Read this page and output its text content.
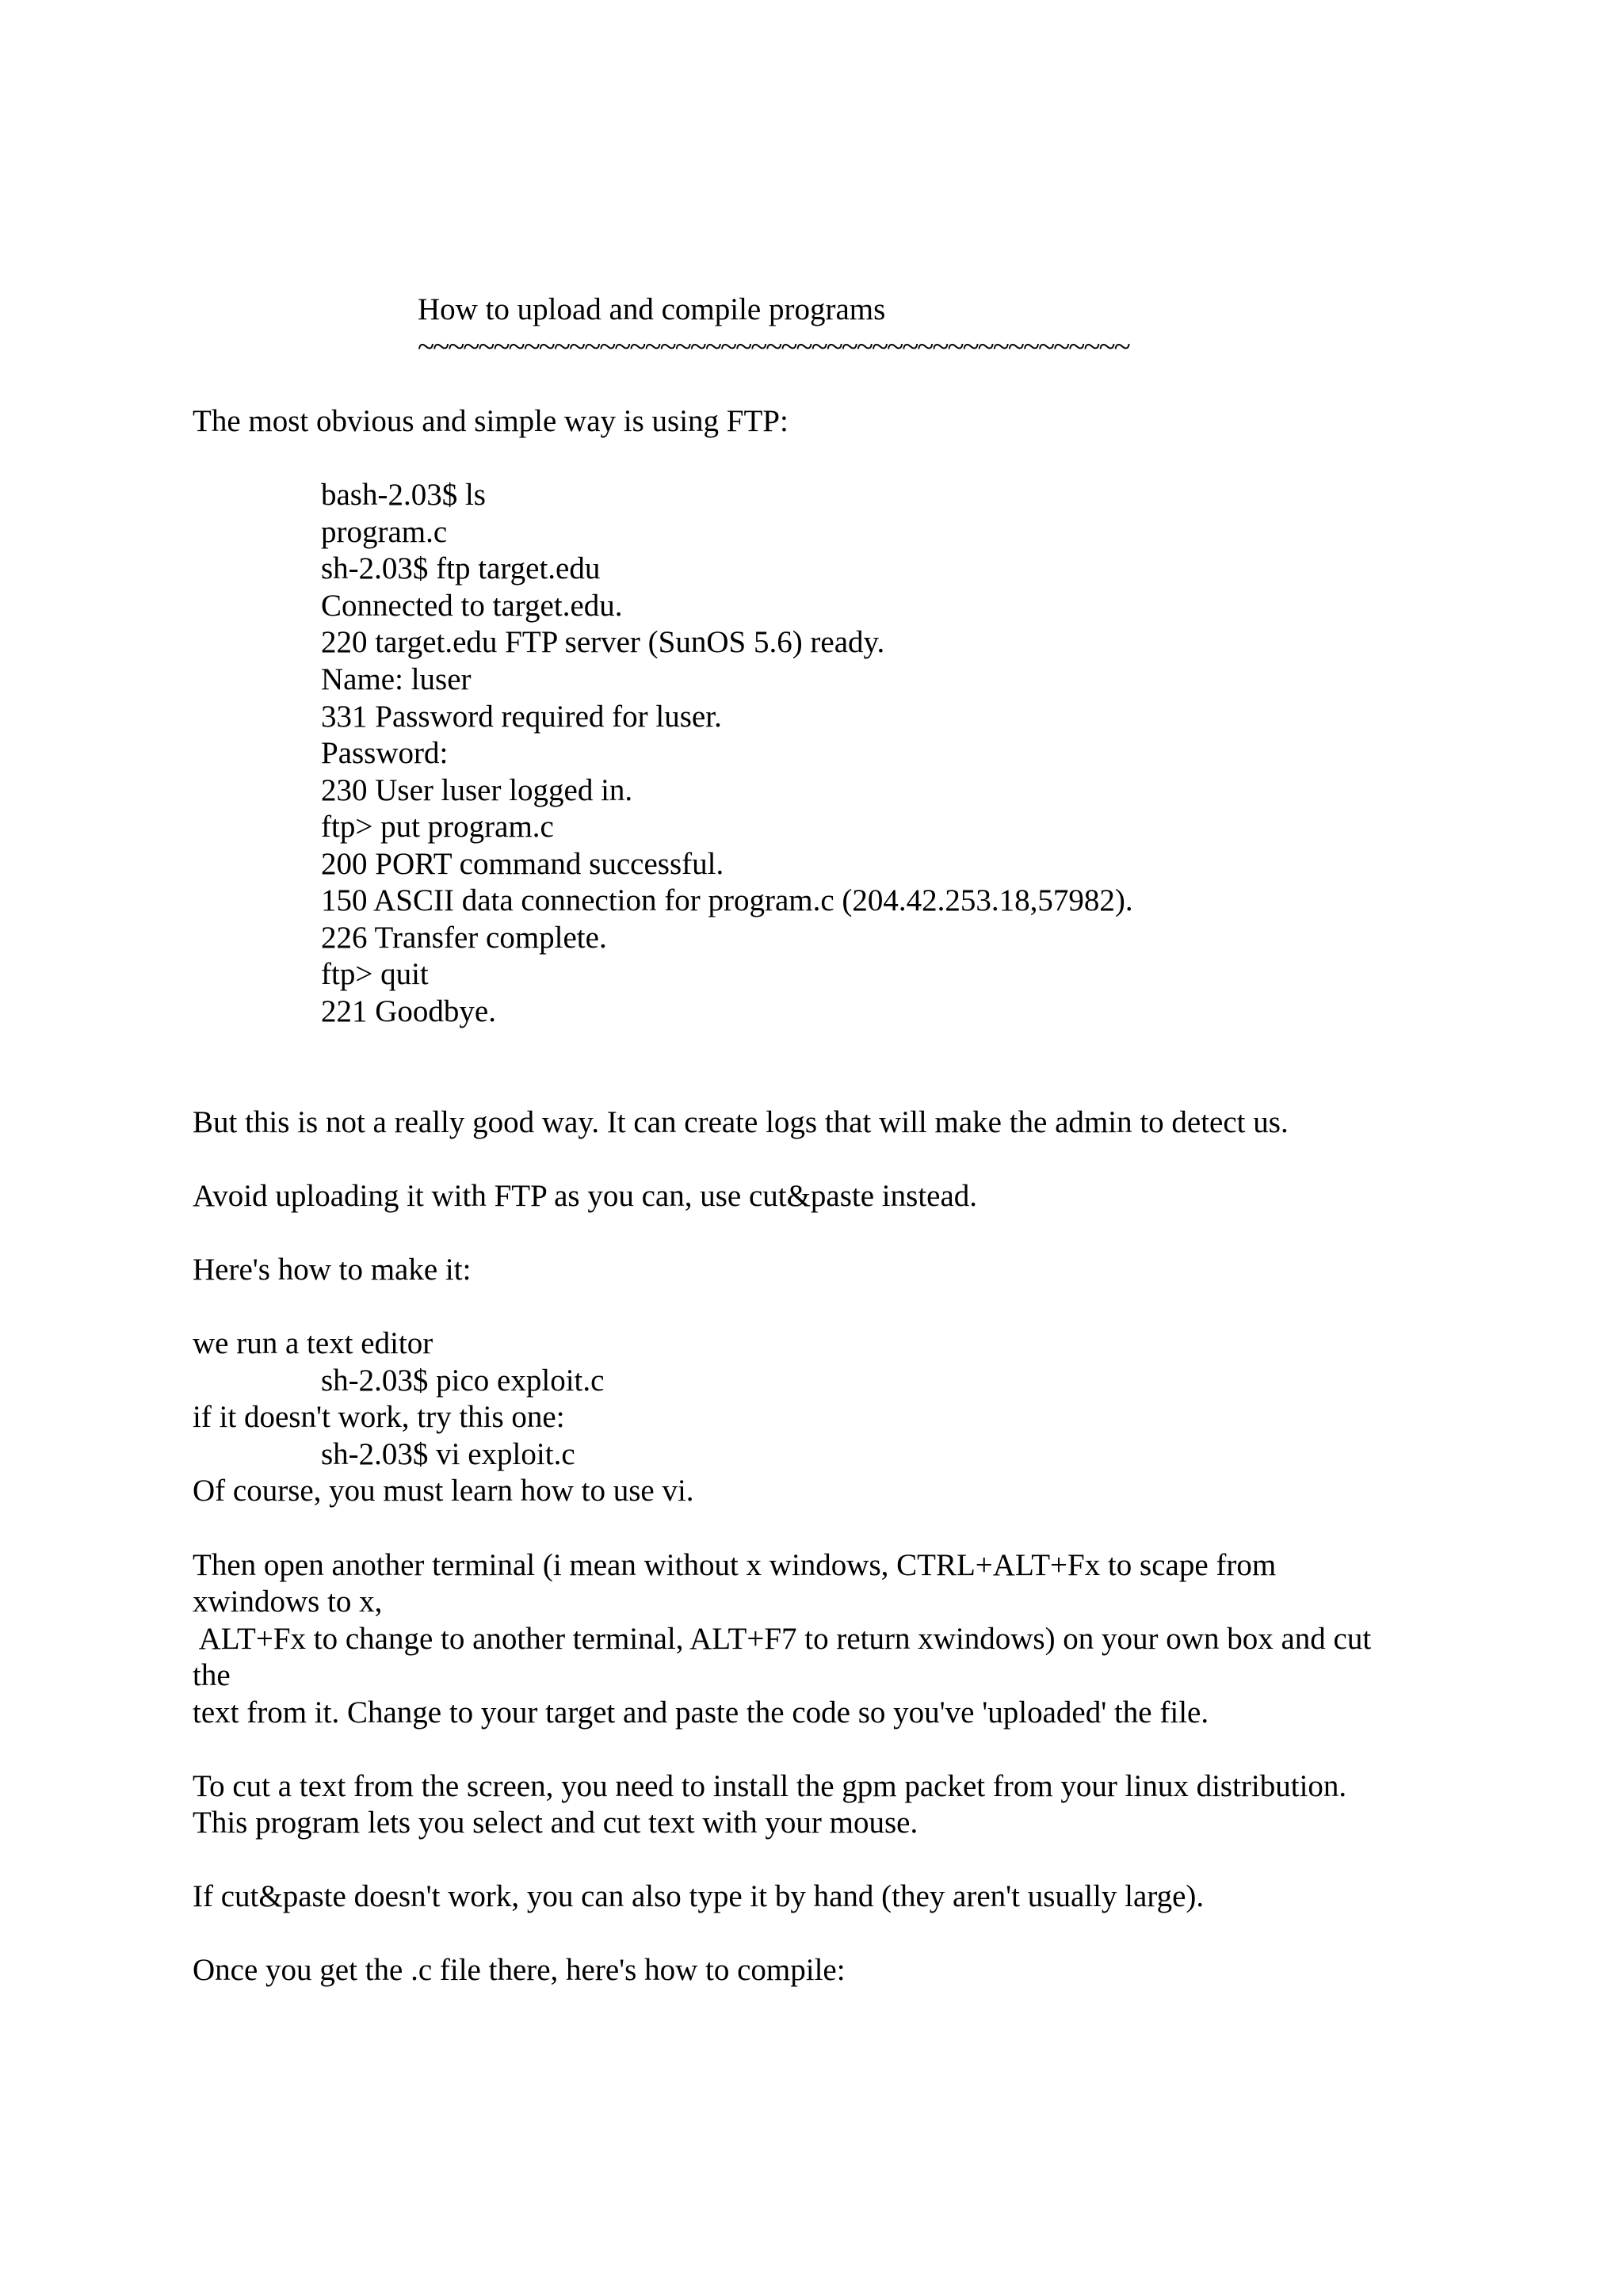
How to upload and compile programs
~~~~~~~~~~~~~~~~~~~~~~~~~~~~~~~~~~~~~~~~~~~~~~~
The most obvious and simple way is using FTP:
bash-2.03$ ls
program.c
sh-2.03$ ftp target.edu
Connected to target.edu.
220 target.edu FTP server (SunOS 5.6) ready.
Name: luser
331 Password required for luser.
Password:
230 User luser logged in.
ftp> put program.c
200 PORT command successful.
150 ASCII data connection for program.c (204.42.253.18,57982).
226 Transfer complete.
ftp> quit
221 Goodbye.
But this is not a really good way. It can create logs that will make the admin to detect us.
Avoid uploading it with FTP as you can, use cut&paste instead.
Here's how to make it:
we run a text editor
sh-2.03$ pico exploit.c
if it doesn't work, try this one:
sh-2.03$ vi exploit.c
Of course, you must learn how to use vi.
Then open another terminal (i mean without x windows, CTRL+ALT+Fx to scape from
xwindows to x,
ALT+Fx to change to another terminal, ALT+F7 to return xwindows) on your own box and cut
the
text from it. Change to your target and paste the code so you've 'uploaded' the file.
To cut a text from the screen, you need to install the gpm packet from your linux distribution.
This program lets you select and cut text with your mouse.
If cut&paste doesn't work, you can also type it by hand (they aren't usually large).
Once you get the .c file there, here's how to compile:
